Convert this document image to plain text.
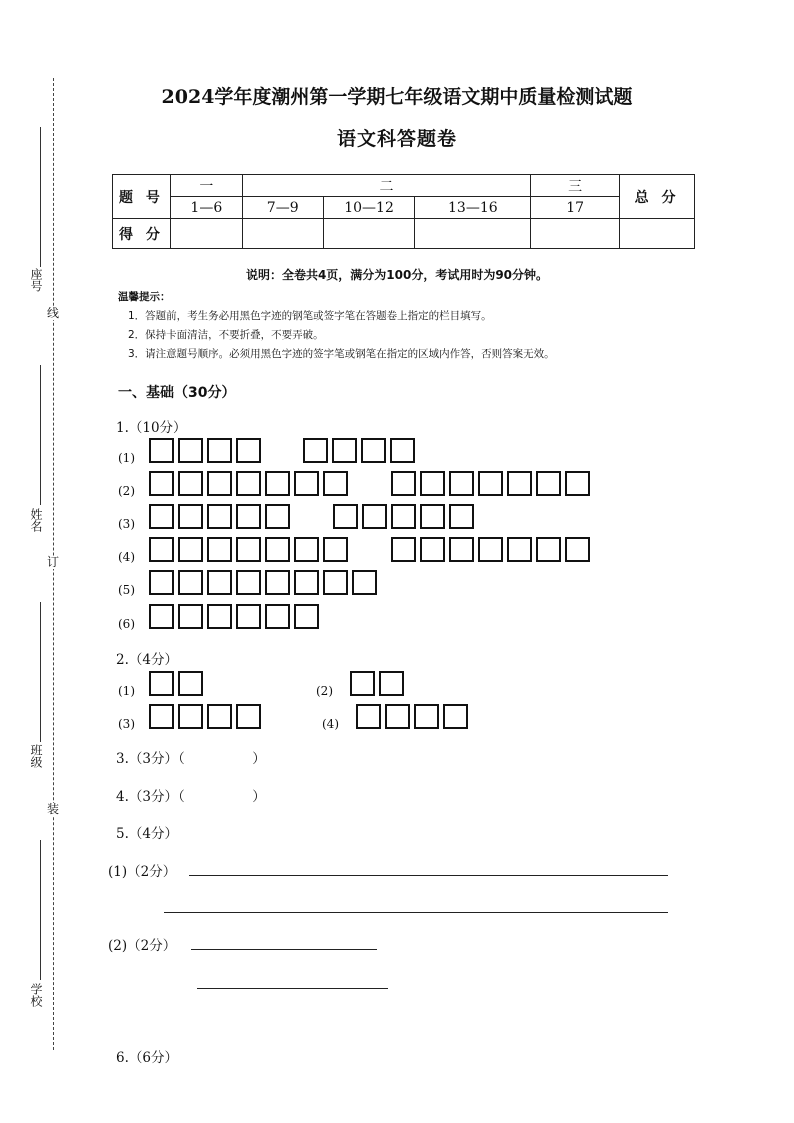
座号
姓名
班级
学校
线
订
装
2024学年度潮州第一学期七年级语文期中质量检测试题
语文科答题卷
题 号	一	二			三	总 分
	1—6	7—9	10—12	13—16	17	
得 分						
说明：全卷共4页，满分为100分，考试用时为90分钟。
温馨提示：
1．答题前，考生务必用黑色字迹的钢笔或签字笔在答题卷上指定的栏目填写。
2．保持卡面清洁，不要折叠，不要弄破。
3．请注意题号顺序。必须用黑色字迹的签字笔或钢笔在指定的区域内作答，否则答案无效。
一、基础（30分）
1.（10分）
(1)
(2)
(3)
(4)
(5)
(6)
2.（4分）
(1)	(2)
(3)	(4)
3.（3分）（　　　　　）
4.（3分）（　　　　　）
5.（4分）
(1)（2分）
(2)（2分）
6.（6分）
